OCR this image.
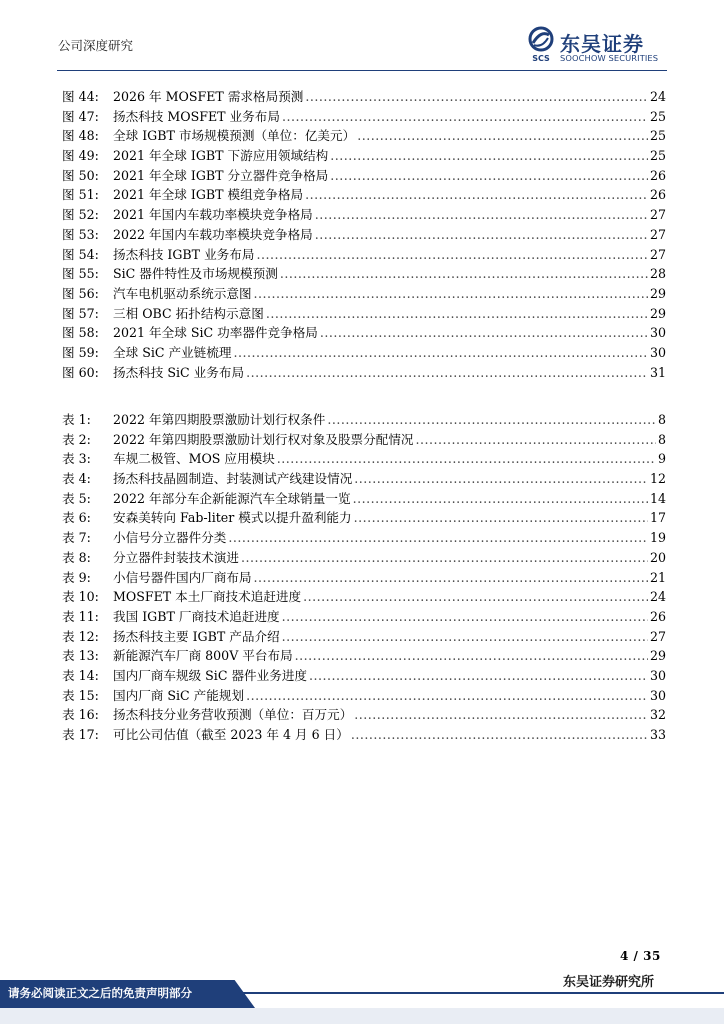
公司深度研究
SCS
东吴证券
SOOCHOW SECURITIES
图 44:	2026 年 MOSFET 需求格局预测 .....	24
图 47:	扬杰科技 MOSFET 业务布局 .....	25
图 48:	全球 IGBT 市场规模预测（单位：亿美元） .....	25
图 49:	2021 年全球 IGBT 下游应用领域结构 .....	25
图 50:	2021 年全球 IGBT 分立器件竞争格局 .....	26
图 51:	2021 年全球 IGBT 模组竞争格局 .....	26
图 52:	2021 年国内车载功率模块竞争格局 .....	27
图 53:	2022 年国内车载功率模块竞争格局 .....	27
图 54:	扬杰科技 IGBT 业务布局 .....	27
图 55:	SiC 器件特性及市场规模预测 .....	28
图 56:	汽车电机驱动系统示意图 .....	29
图 57:	三相 OBC 拓扑结构示意图 .....	29
图 58:	2021 年全球 SiC 功率器件竞争格局 .....	30
图 59:	全球 SiC 产业链梳理 .....	30
图 60:	扬杰科技 SiC 业务布局 .....	31
表 1:	2022 年第四期股票激励计划行权条件 .....	8
表 2:	2022 年第四期股票激励计划行权对象及股票分配情况 .....	8
表 3:	车规二极管、MOS 应用模块 .....	9
表 4:	扬杰科技晶圆制造、封装测试产线建设情况 .....	12
表 5:	2022 年部分车企新能源汽车全球销量一览 .....	14
表 6:	安森美转向 Fab-liter 模式以提升盈利能力 .....	17
表 7:	小信号分立器件分类 .....	19
表 8:	分立器件封装技术演进 .....	20
表 9:	小信号器件国内厂商布局 .....	21
表 10:	MOSFET 本土厂商技术追赶进度 .....	24
表 11:	我国 IGBT 厂商技术追赶进度 .....	26
表 12:	扬杰科技主要 IGBT 产品介绍 .....	27
表 13:	新能源汽车厂商 800V 平台布局 .....	29
表 14:	国内厂商车规级 SiC 器件业务进度 .....	30
表 15:	国内厂商 SiC 产能规划 .....	30
表 16:	扬杰科技分业务营收预测（单位：百万元） .....	32
表 17:	可比公司估值（截至 2023 年 4 月 6 日） .....	33
4 / 35
东吴证券研究所
请务必阅读正文之后的免责声明部分
